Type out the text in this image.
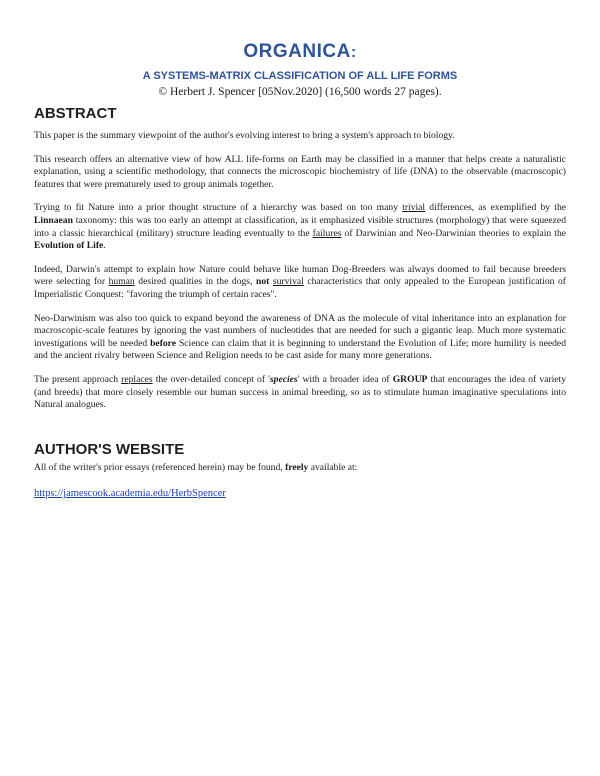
ORGANICA:
A SYSTEMS-MATRIX CLASSIFICATION OF ALL LIFE FORMS
© Herbert J. Spencer [05Nov.2020] (16,500 words 27 pages).
ABSTRACT

This paper is the summary viewpoint of the author's evolving interest to bring a system's approach to biology.

This research offers an alternative view of how ALL life-forms on Earth may be classified in a manner that helps create a naturalistic explanation, using a scientific methodology, that connects the microscopic biochemistry of life (DNA) to the observable (macroscopic) features that were prematurely used to group animals together.

Trying to fit Nature into a prior thought structure of a hierarchy was based on too many trivial differences, as exemplified by the Linnaean taxonomy: this was too early an attempt at classification, as it emphasized visible structures (morphology) that were squeezed into a classic hierarchical (military) structure leading eventually to the failures of Darwinian and Neo-Darwinian theories to explain the Evolution of Life.

Indeed, Darwin's attempt to explain how Nature could behave like human Dog-Breeders was always doomed to fail because breeders were selecting for human desired qualities in the dogs, not survival characteristics that only appealed to the European justification of Imperialistic Conquest: "favoring the triumph of certain races".

Neo-Darwinism was also too quick to expand beyond the awareness of DNA as the molecule of vital inheritance into an explanation for macroscopic-scale features by ignoring the vast numbers of nucleotides that are needed for such a gigantic leap. Much more systematic investigations will be needed before Science can claim that it is beginning to understand the Evolution of Life; more humility is needed and the ancient rivalry between Science and Religion needs to be cast aside for many more generations.

The present approach replaces the over-detailed concept of 'species' with a broader idea of GROUP that encourages the idea of variety (and breeds) that more closely resemble our human success in animal breeding, so as to stimulate human imaginative speculations into Natural analogues.

AUTHOR'S WEBSITE

All of the writer's prior essays (referenced herein) may be found, freely available at:

https://jamescook.academia.edu/HerbSpencer
